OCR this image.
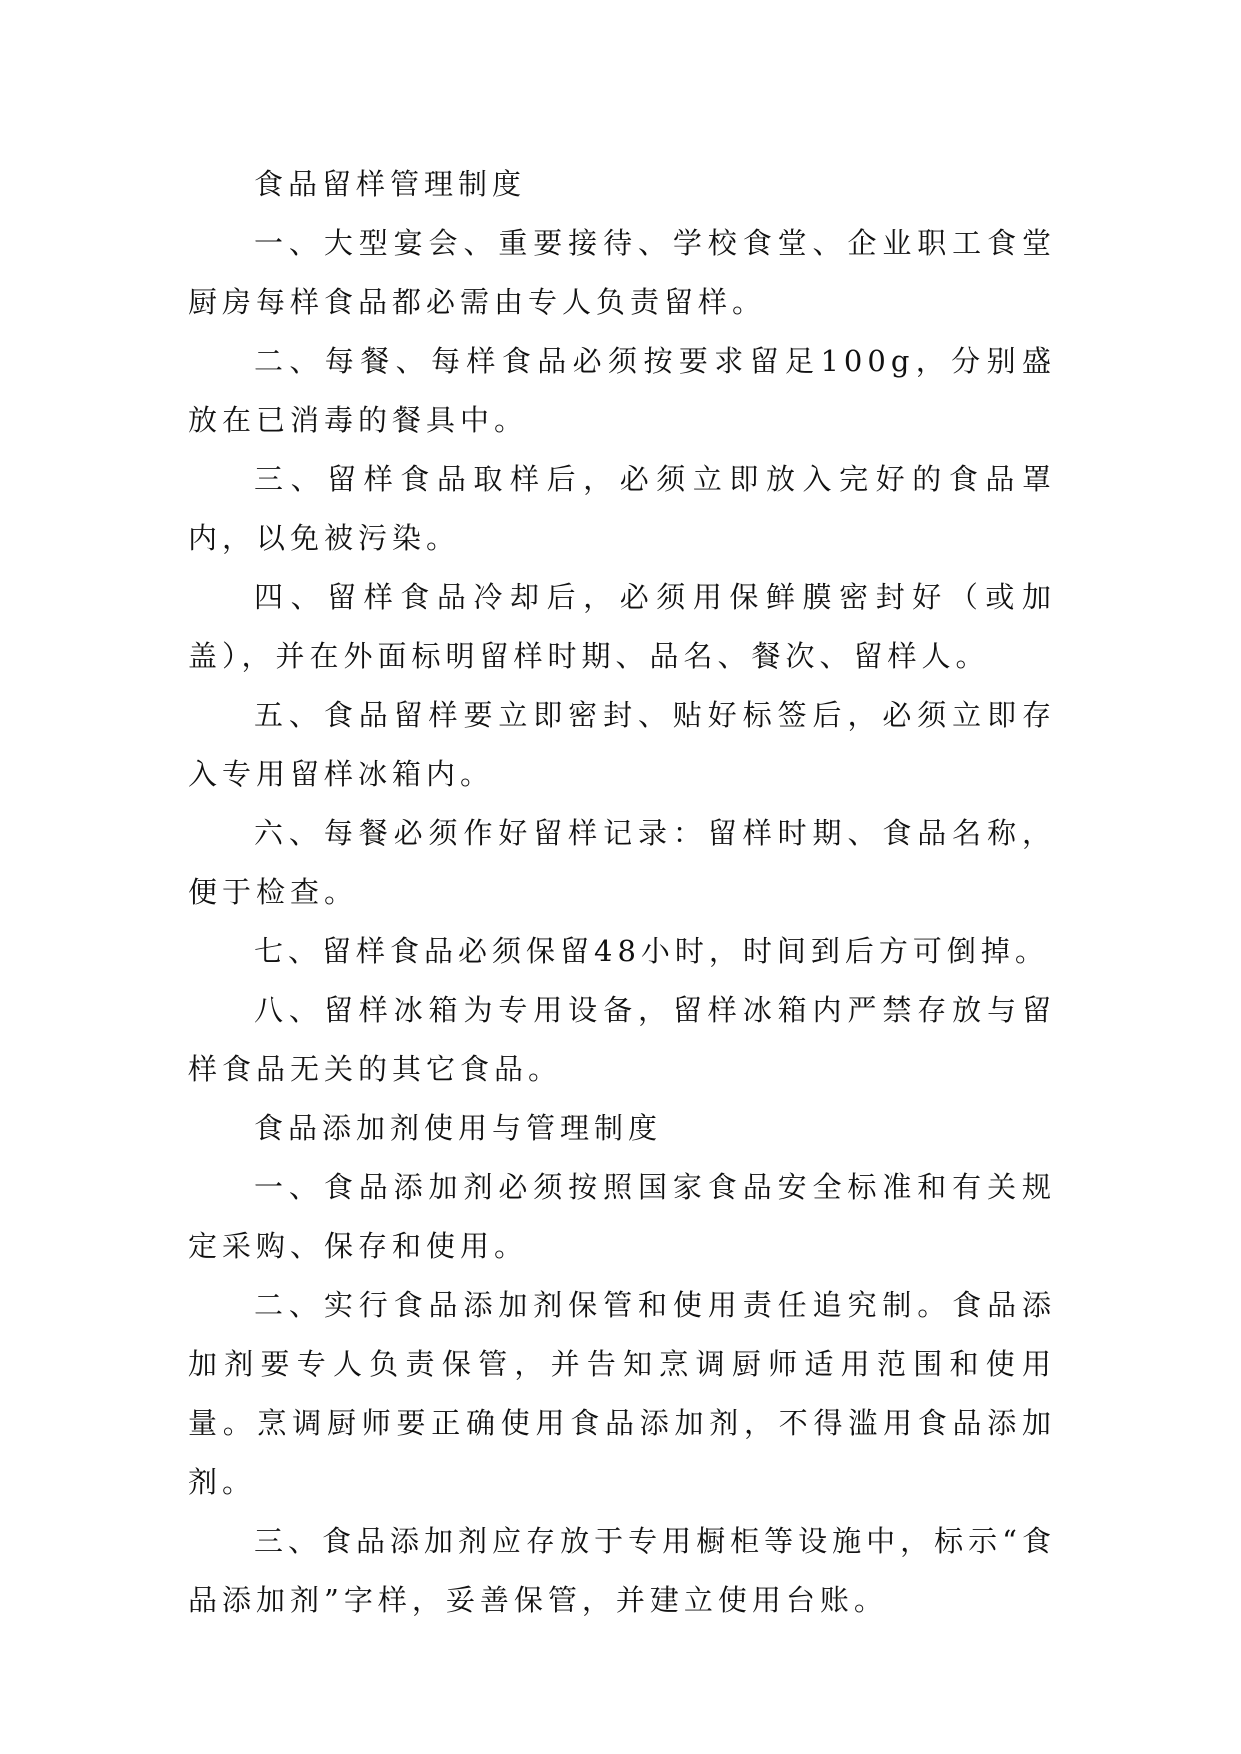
食品留样管理制度

一、大型宴会、重要接待、学校食堂、企业职工食堂厨房每样食品都必需由专人负责留样。

二、每餐、每样食品必须按要求留足100g，分别盛放在已消毒的餐具中。

三、留样食品取样后，必须立即放入完好的食品罩内，以免被污染。

四、留样食品冷却后，必须用保鲜膜密封好（或加盖），并在外面标明留样时期、品名、餐次、留样人。

五、食品留样要立即密封、贴好标签后，必须立即存入专用留样冰箱内。

六、每餐必须作好留样记录：留样时期、食品名称，便于检查。

七、留样食品必须保留48小时，时间到后方可倒掉。

八、留样冰箱为专用设备，留样冰箱内严禁存放与留样食品无关的其它食品。

食品添加剂使用与管理制度

一、食品添加剂必须按照国家食品安全标准和有关规定采购、保存和使用。

二、实行食品添加剂保管和使用责任追究制。食品添加剂要专人负责保管，并告知烹调厨师适用范围和使用量。烹调厨师要正确使用食品添加剂，不得滥用食品添加剂。

三、食品添加剂应存放于专用橱柜等设施中，标示“食品添加剂”字样，妥善保管，并建立使用台账。
